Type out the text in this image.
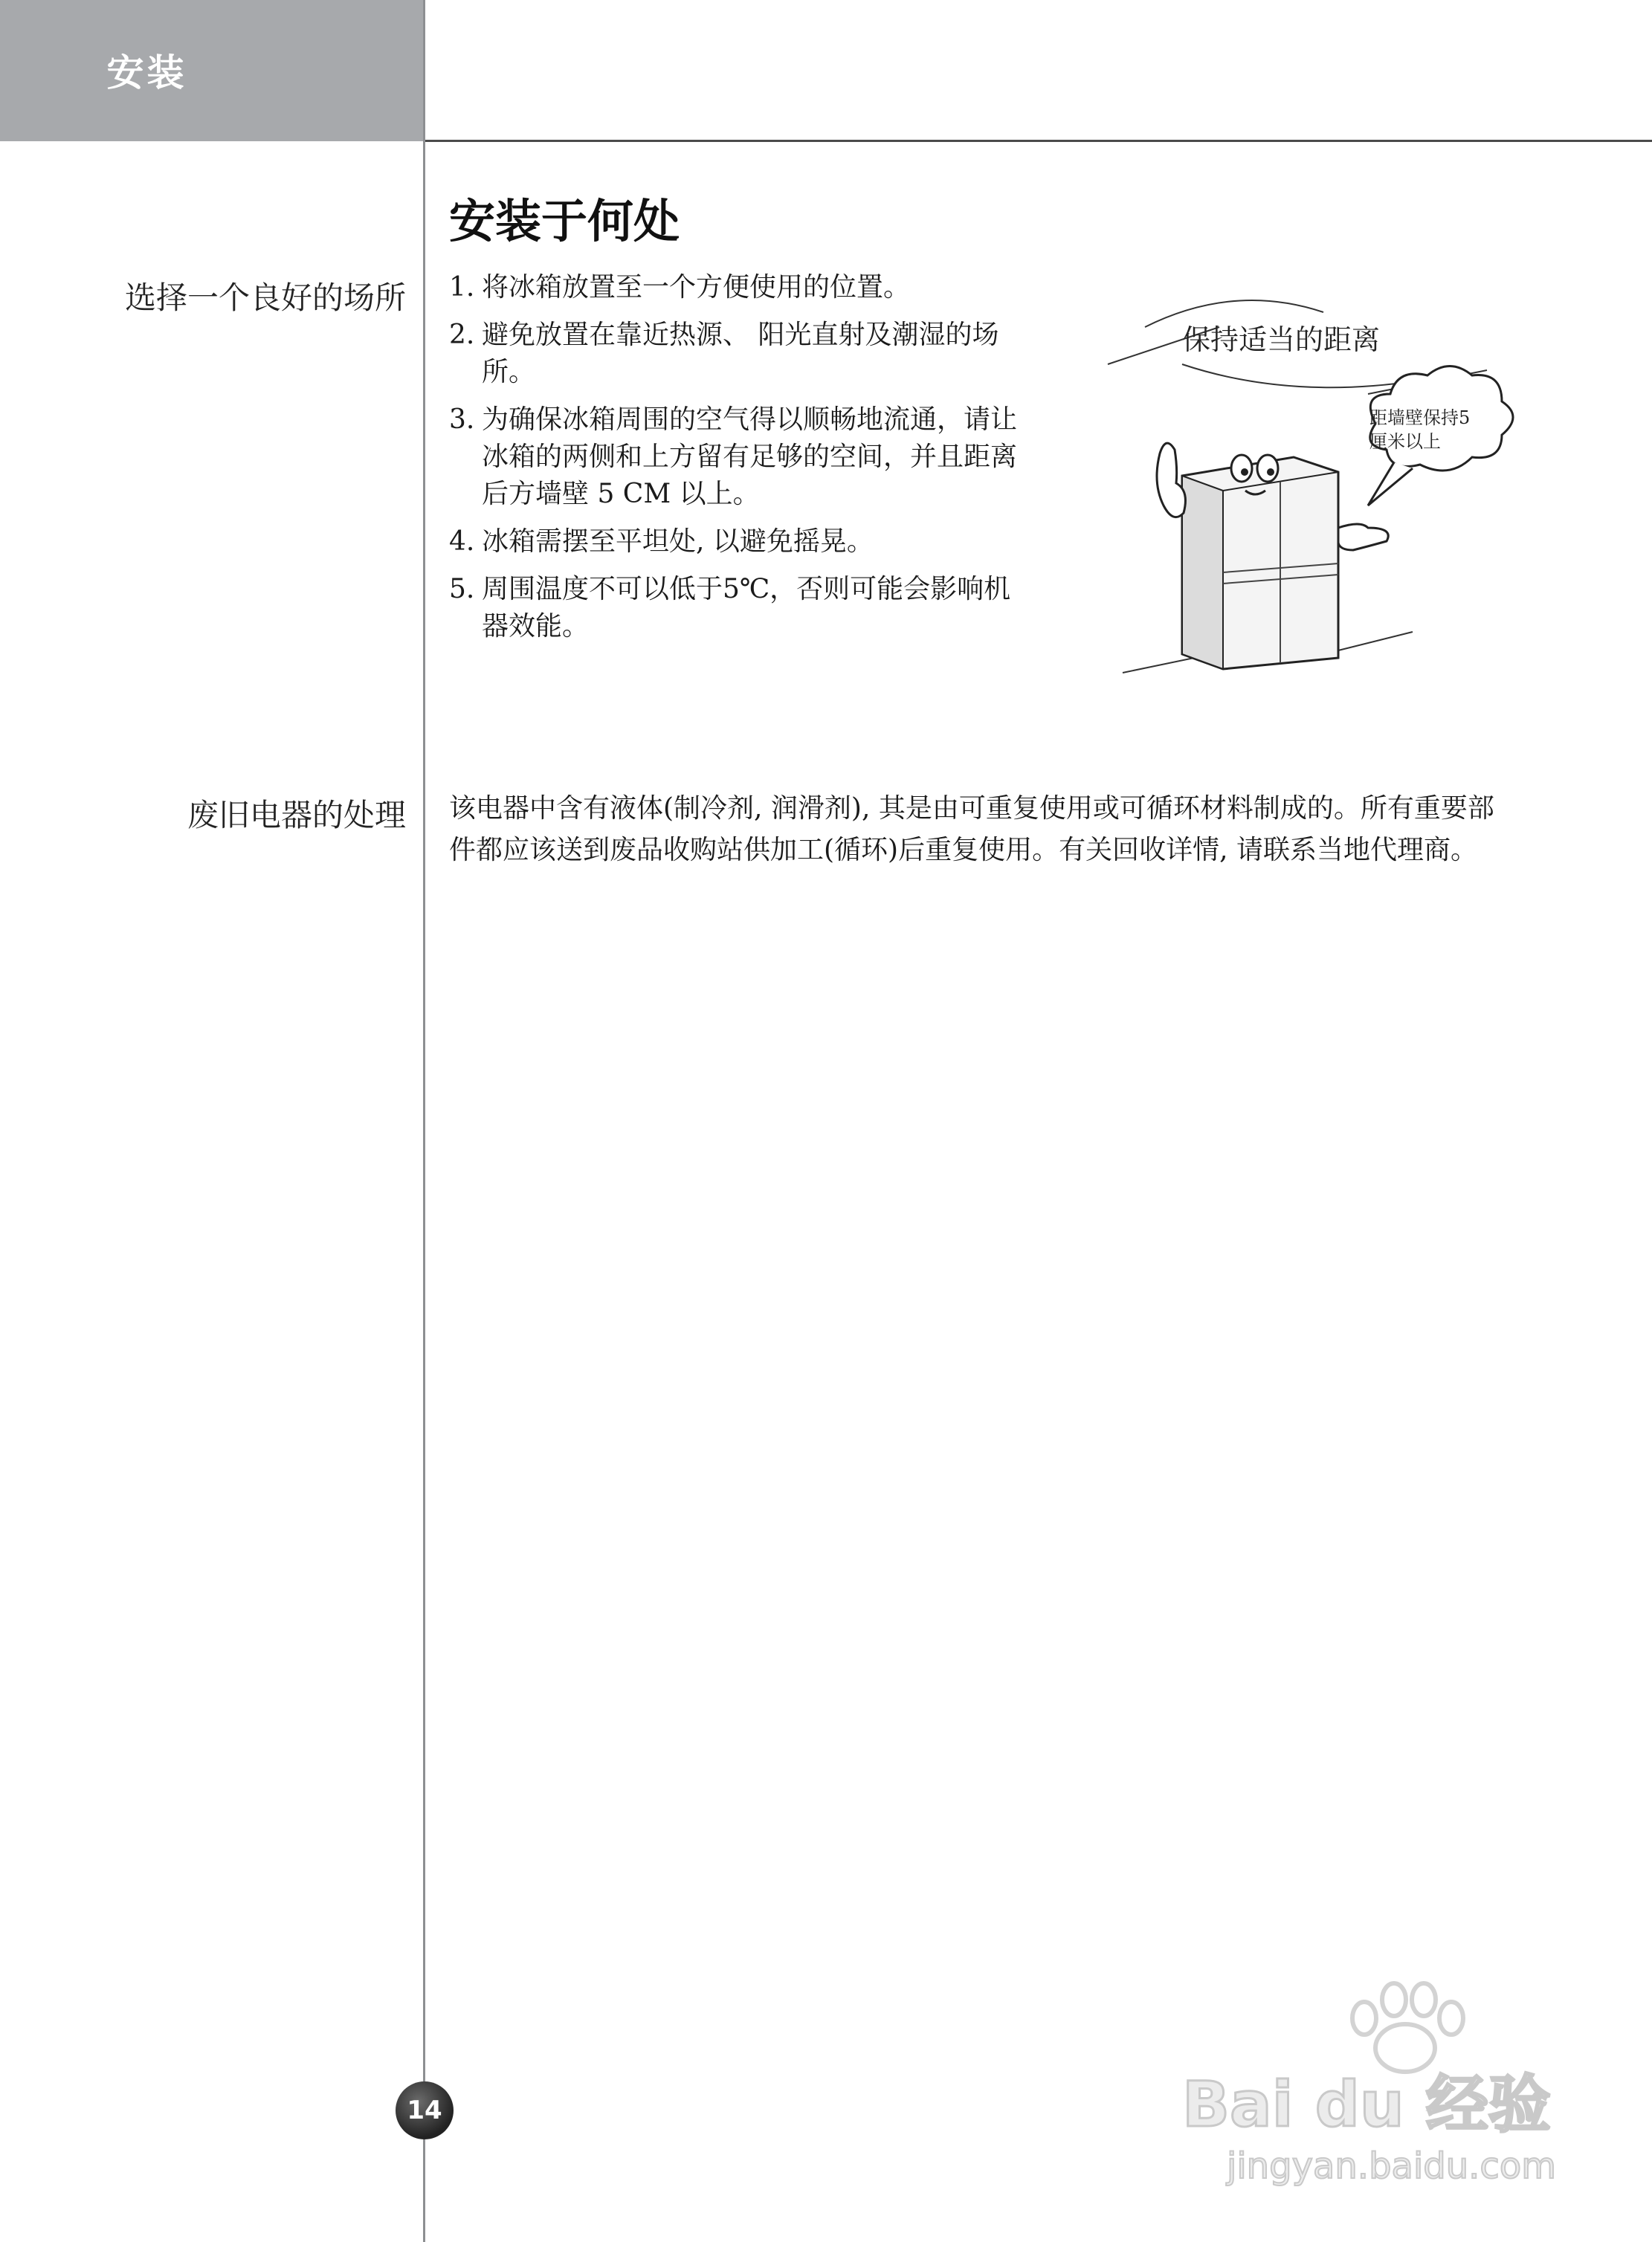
安装
安装于何处
选择一个良好的场所 1. 将冰箱放置至一个方便使用的位置。
2. 避免放置在靠近热源、 阳光直射及潮湿的场所。
3. 为确保冰箱周围的空气得以顺畅地流通，请让冰箱的两侧和上方留有足够的空间，并且距离后方墙壁 5 CM 以上。
4. 冰箱需摆至平坦处, 以避免摇晃。
5. 周围温度不可以低于5℃，否则可能会影响机器效能。
保持适当的距离
距墙壁保持5
厘米以上
废旧电器的处理 该电器中含有液体(制冷剂, 润滑剂), 其是由可重复使用或可循环材料制成的。所有重要部件都应该送到废品收购站供加工(循环)后重复使用。有关回收详情, 请联系当地代理商。
14	Bai du 经验
jingyan.baidu.com
